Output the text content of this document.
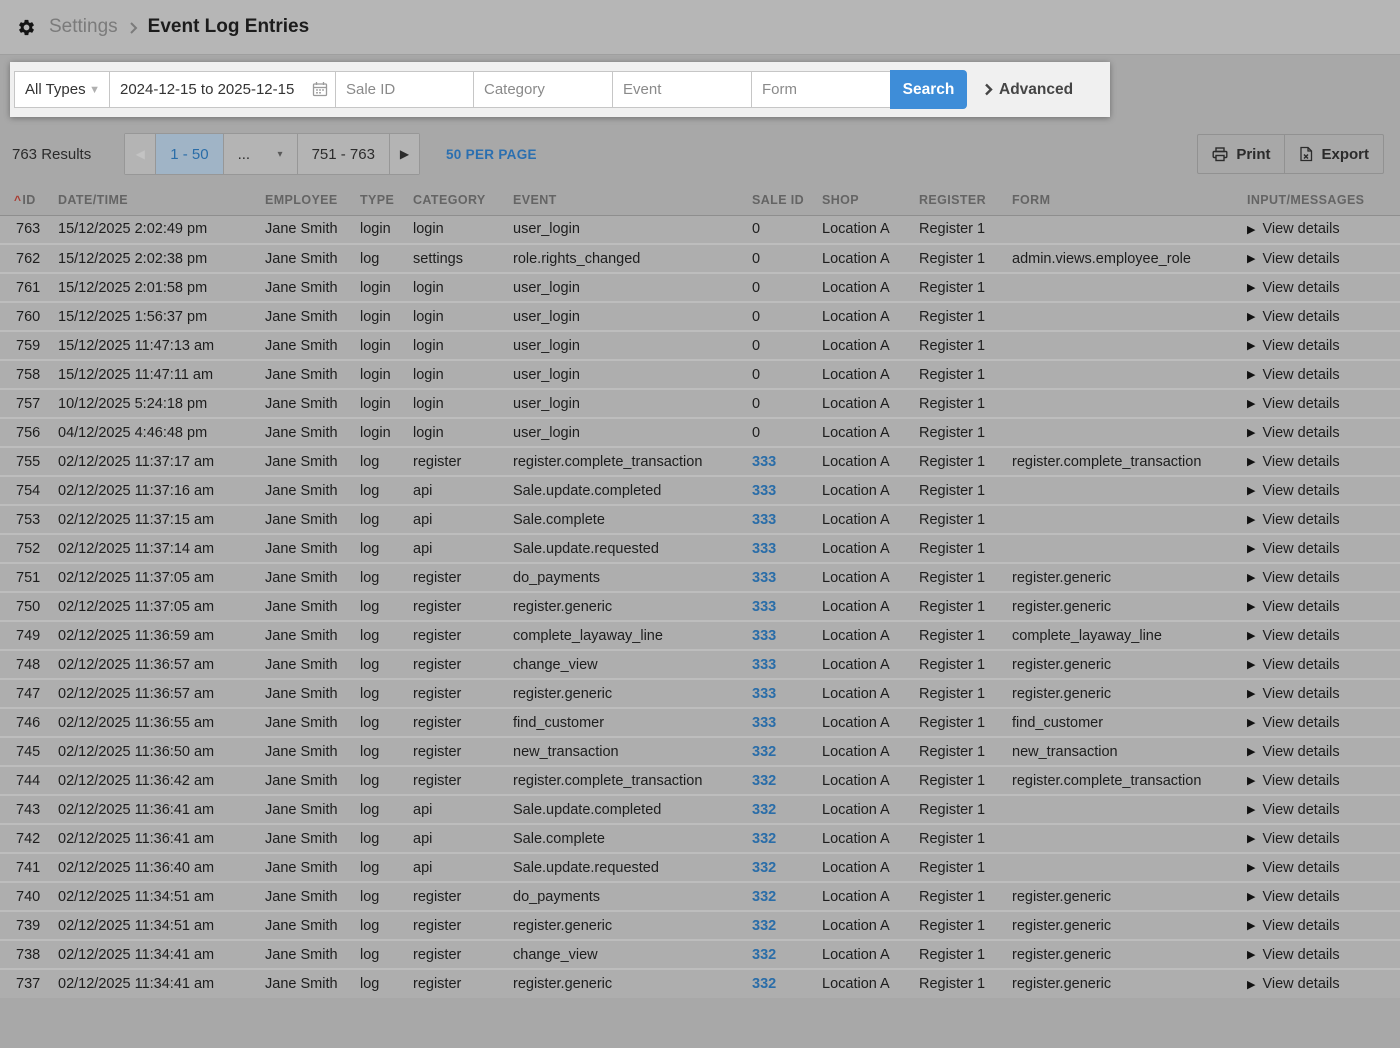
Settings Event Log Entries
All Types ▼
2024-12-15 to 2025-12-15
Sale ID
Category
Event
Form	Search	Advanced
763 Results	◀	1 - 50	...	▾	751 - 763	▶	50 PER PAGE	Print	Export
^ID	DATE/TIME	EMPLOYEE	TYPE	CATEGORY	EVENT	SALE ID	SHOP	REGISTER	FORM	INPUT/MESSAGES
763	15/12/2025 2:02:49 pm	Jane Smith	login	login	user_login	0	Location A	Register 1		▶ View details

762	15/12/2025 2:02:38 pm	Jane Smith	log	settings	role.rights_changed	0	Location A	Register 1	admin.views.employee_role	▶ View details

761	15/12/2025 2:01:58 pm	Jane Smith	login	login	user_login	0	Location A	Register 1		▶ View details

760	15/12/2025 1:56:37 pm	Jane Smith	login	login	user_login	0	Location A	Register 1		▶ View details

759	15/12/2025 11:47:13 am	Jane Smith	login	login	user_login	0	Location A	Register 1		▶ View details

758	15/12/2025 11:47:11 am	Jane Smith	login	login	user_login	0	Location A	Register 1		▶ View details

757	10/12/2025 5:24:18 pm	Jane Smith	login	login	user_login	0	Location A	Register 1		▶ View details

756	04/12/2025 4:46:48 pm	Jane Smith	login	login	user_login	0	Location A	Register 1		▶ View details

755	02/12/2025 11:37:17 am	Jane Smith	log	register	register.complete_transaction	333	Location A	Register 1	register.complete_transaction	▶ View details

754	02/12/2025 11:37:16 am	Jane Smith	log	api	Sale.update.completed	333	Location A	Register 1		▶ View details

753	02/12/2025 11:37:15 am	Jane Smith	log	api	Sale.complete	333	Location A	Register 1		▶ View details

752	02/12/2025 11:37:14 am	Jane Smith	log	api	Sale.update.requested	333	Location A	Register 1		▶ View details

751	02/12/2025 11:37:05 am	Jane Smith	log	register	do_payments	333	Location A	Register 1	register.generic	▶ View details

750	02/12/2025 11:37:05 am	Jane Smith	log	register	register.generic	333	Location A	Register 1	register.generic	▶ View details

749	02/12/2025 11:36:59 am	Jane Smith	log	register	complete_layaway_line	333	Location A	Register 1	complete_layaway_line	▶ View details

748	02/12/2025 11:36:57 am	Jane Smith	log	register	change_view	333	Location A	Register 1	register.generic	▶ View details

747	02/12/2025 11:36:57 am	Jane Smith	log	register	register.generic	333	Location A	Register 1	register.generic	▶ View details

746	02/12/2025 11:36:55 am	Jane Smith	log	register	find_customer	333	Location A	Register 1	find_customer	▶ View details

745	02/12/2025 11:36:50 am	Jane Smith	log	register	new_transaction	332	Location A	Register 1	new_transaction	▶ View details

744	02/12/2025 11:36:42 am	Jane Smith	log	register	register.complete_transaction	332	Location A	Register 1	register.complete_transaction	▶ View details

743	02/12/2025 11:36:41 am	Jane Smith	log	api	Sale.update.completed	332	Location A	Register 1		▶ View details

742	02/12/2025 11:36:41 am	Jane Smith	log	api	Sale.complete	332	Location A	Register 1		▶ View details

741	02/12/2025 11:36:40 am	Jane Smith	log	api	Sale.update.requested	332	Location A	Register 1		▶ View details

740	02/12/2025 11:34:51 am	Jane Smith	log	register	do_payments	332	Location A	Register 1	register.generic	▶ View details

739	02/12/2025 11:34:51 am	Jane Smith	log	register	register.generic	332	Location A	Register 1	register.generic	▶ View details

738	02/12/2025 11:34:41 am	Jane Smith	log	register	change_view	332	Location A	Register 1	register.generic	▶ View details

737	02/12/2025 11:34:41 am	Jane Smith	log	register	register.generic	332	Location A	Register 1	register.generic	▶ View details
